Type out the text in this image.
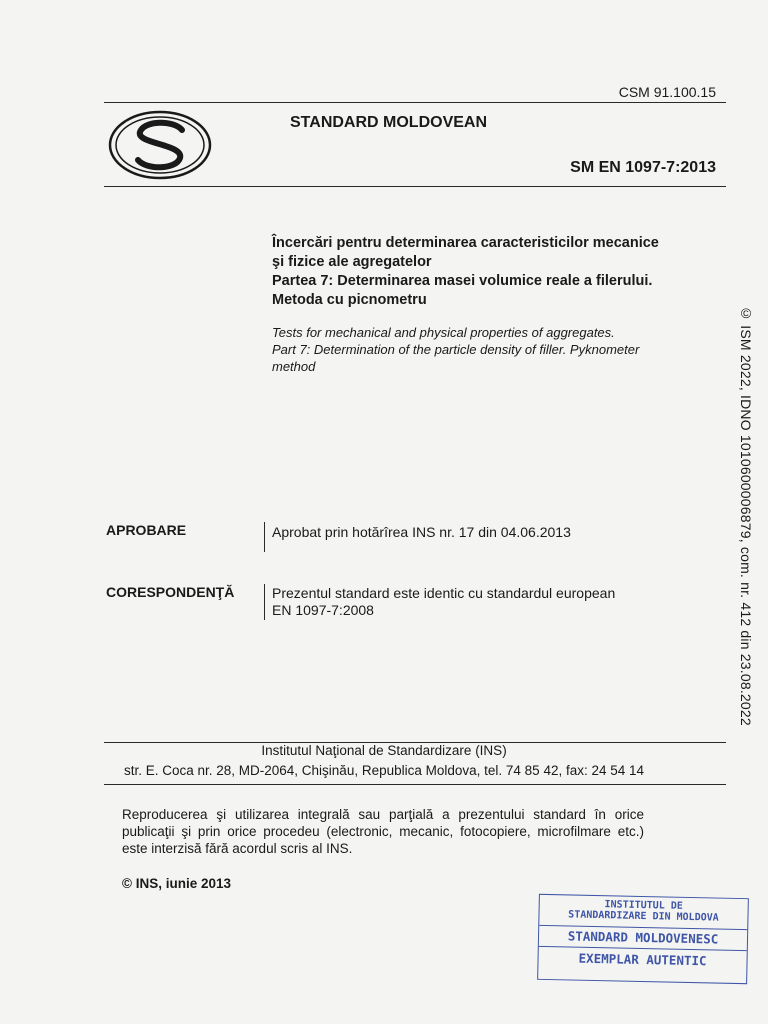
CSM 91.100.15
STANDARD MOLDOVEAN
SM EN 1097-7:2013
Încercări pentru determinarea caracteristicilor mecanice
şi fizice ale agregatelor
Partea 7: Determinarea masei volumice reale a filerului.
Metoda cu picnometru
Tests for mechanical and physical properties of aggregates.
Part 7: Determination of the particle density of filler. Pyknometer
method	© ISM 2022, IDNO 1010600006879, com. nr. 412 din 23.08.2022
APROBARE	Aprobat prin hotărîrea INS nr. 17 din 04.06.2013
CORESPONDENŢĂ	Prezentul standard este identic cu standardul european
EN 1097-7:2008
Institutul Naţional de Standardizare (INS)
str. E. Coca nr. 28, MD-2064, Chişinău, Republica Moldova, tel. 74 85 42, fax: 24 54 14
Reproducerea şi utilizarea integrală sau parţială a prezentului standard în orice publicaţii şi prin orice procedeu (electronic, mecanic, fotocopiere, microfilmare etc.) este interzisă fără acordul scris al INS.
© INS, iunie 2013
INSTITUTUL DE
STANDARDIZARE DIN MOLDOVA
STANDARD MOLDOVENESC
EXEMPLAR AUTENTIC
